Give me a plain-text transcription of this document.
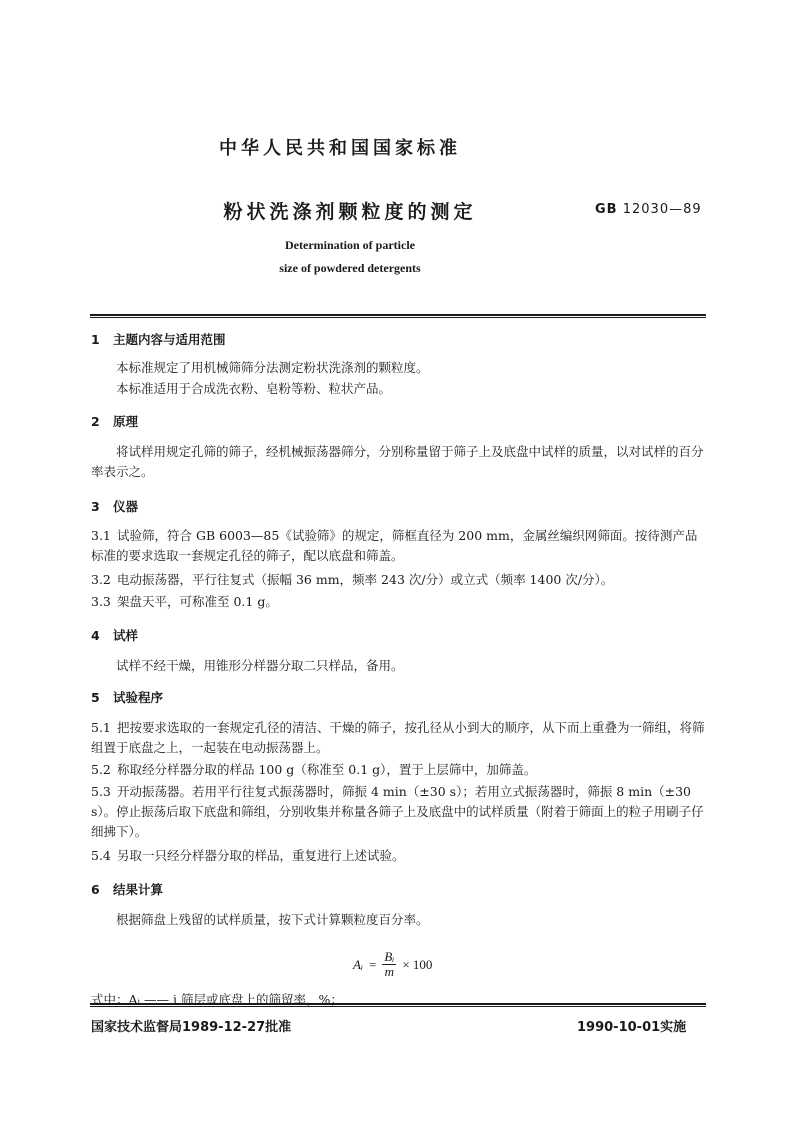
中华人民共和国国家标准
粉状洗涤剂颗粒度的测定	GB 12030—89
Determination of particle
size of powdered detergents
1 主题内容与适用范围
本标准规定了用机械筛筛分法测定粉状洗涤剂的颗粒度。
本标准适用于合成洗衣粉、皂粉等粉、粒状产品。
2 原理
将试样用规定孔筛的筛子，经机械振荡器筛分，分别称量留于筛子上及底盘中试样的质量，以对试样的百分率表示之。
3 仪器
3.1 试验筛，符合 GB 6003—85《试验筛》的规定，筛框直径为 200 mm，金属丝编织网筛面。按待测产品标准的要求选取一套规定孔径的筛子，配以底盘和筛盖。
3.2 电动振荡器，平行往复式（振幅 36 mm，频率 243 次/分）或立式（频率 1400 次/分）。
3.3 架盘天平，可称准至 0.1 g。
4 试样
试样不经干燥，用锥形分样器分取二只样品，备用。
5 试验程序
5.1 把按要求选取的一套规定孔径的清洁、干燥的筛子，按孔径从小到大的顺序，从下而上重叠为一筛组，将筛组置于底盘之上，一起装在电动振荡器上。
5.2 称取经分样器分取的样品 100 g（称准至 0.1 g），置于上层筛中，加筛盖。
5.3 开动振荡器。若用平行往复式振荡器时，筛振 4 min（±30 s）；若用立式振荡器时，筛振 8 min（±30 s）。停止振荡后取下底盘和筛组，分别收集并称量各筛子上及底盘中的试样质量（附着于筛面上的粒子用刷子仔细拂下）。
5.4 另取一只经分样器分取的样品，重复进行上述试验。
6 结果计算
根据筛盘上残留的试样质量，按下式计算颗粒度百分率。
Aᵢ = $\frac{\text{Bᵢ}}{m} \times 100$
式中：Aᵢ —— i 筛层或底盘上的筛留率，%；
国家技术监督局1989-12-27批准	1990-10-01实施
